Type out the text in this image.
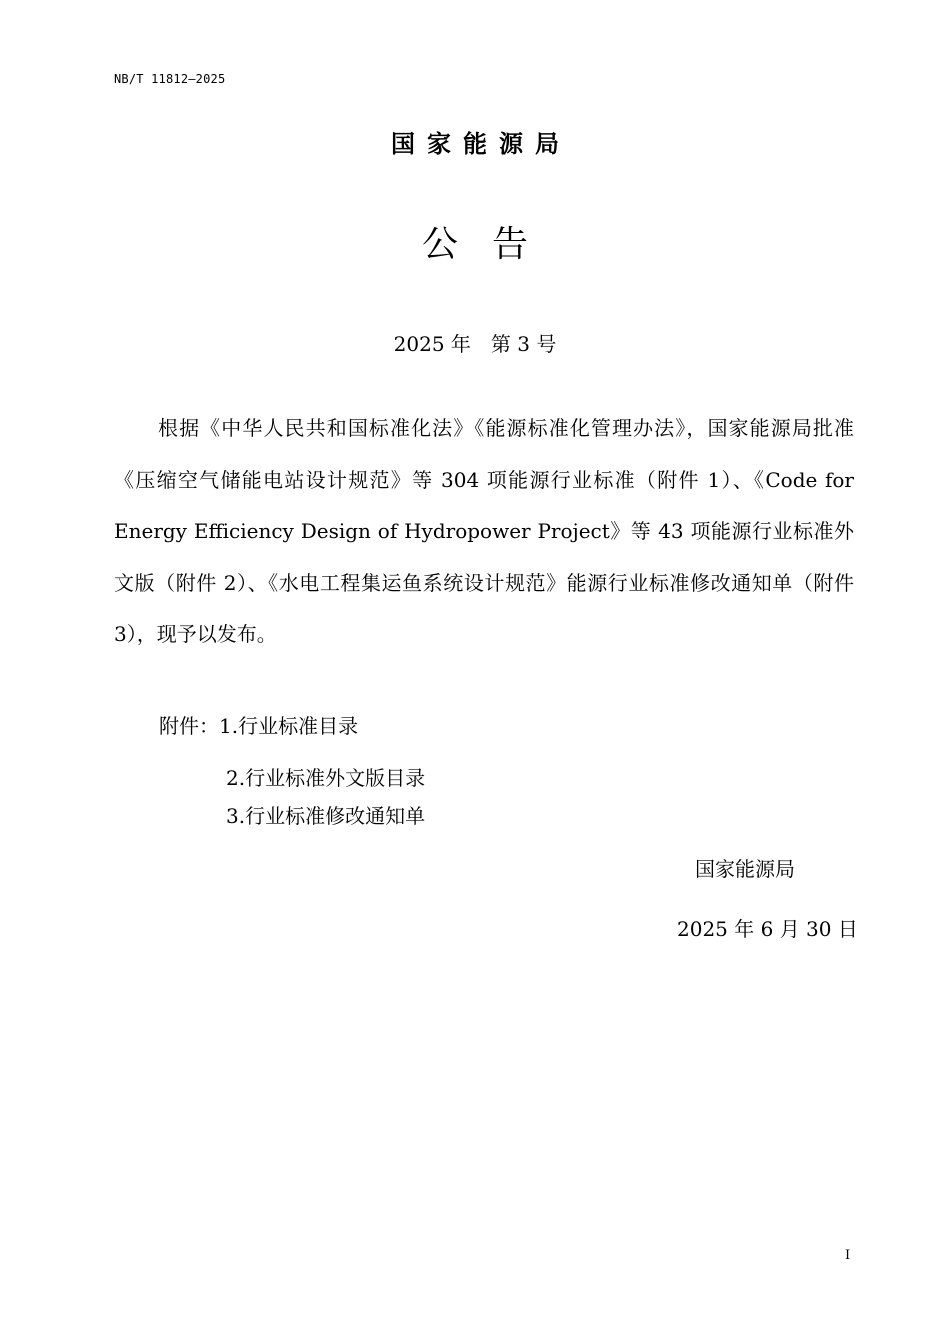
NB/T 11812—2025
国家能源局
公告
2025 年　第 3 号
根据《中华人民共和国标准化法》《能源标准化管理办法》，国家能源局批准《压缩空气储能电站设计规范》等 304 项能源行业标准（附件 1）、《Code for Energy Efficiency Design of Hydropower Project》等 43 项能源行业标准外文版（附件 2）、《水电工程集运鱼系统设计规范》能源行业标准修改通知单（附件 3），现予以发布。
附件：1.行业标准目录
2.行业标准外文版目录
3.行业标准修改通知单
国家能源局
2025 年 6 月 30 日
I
